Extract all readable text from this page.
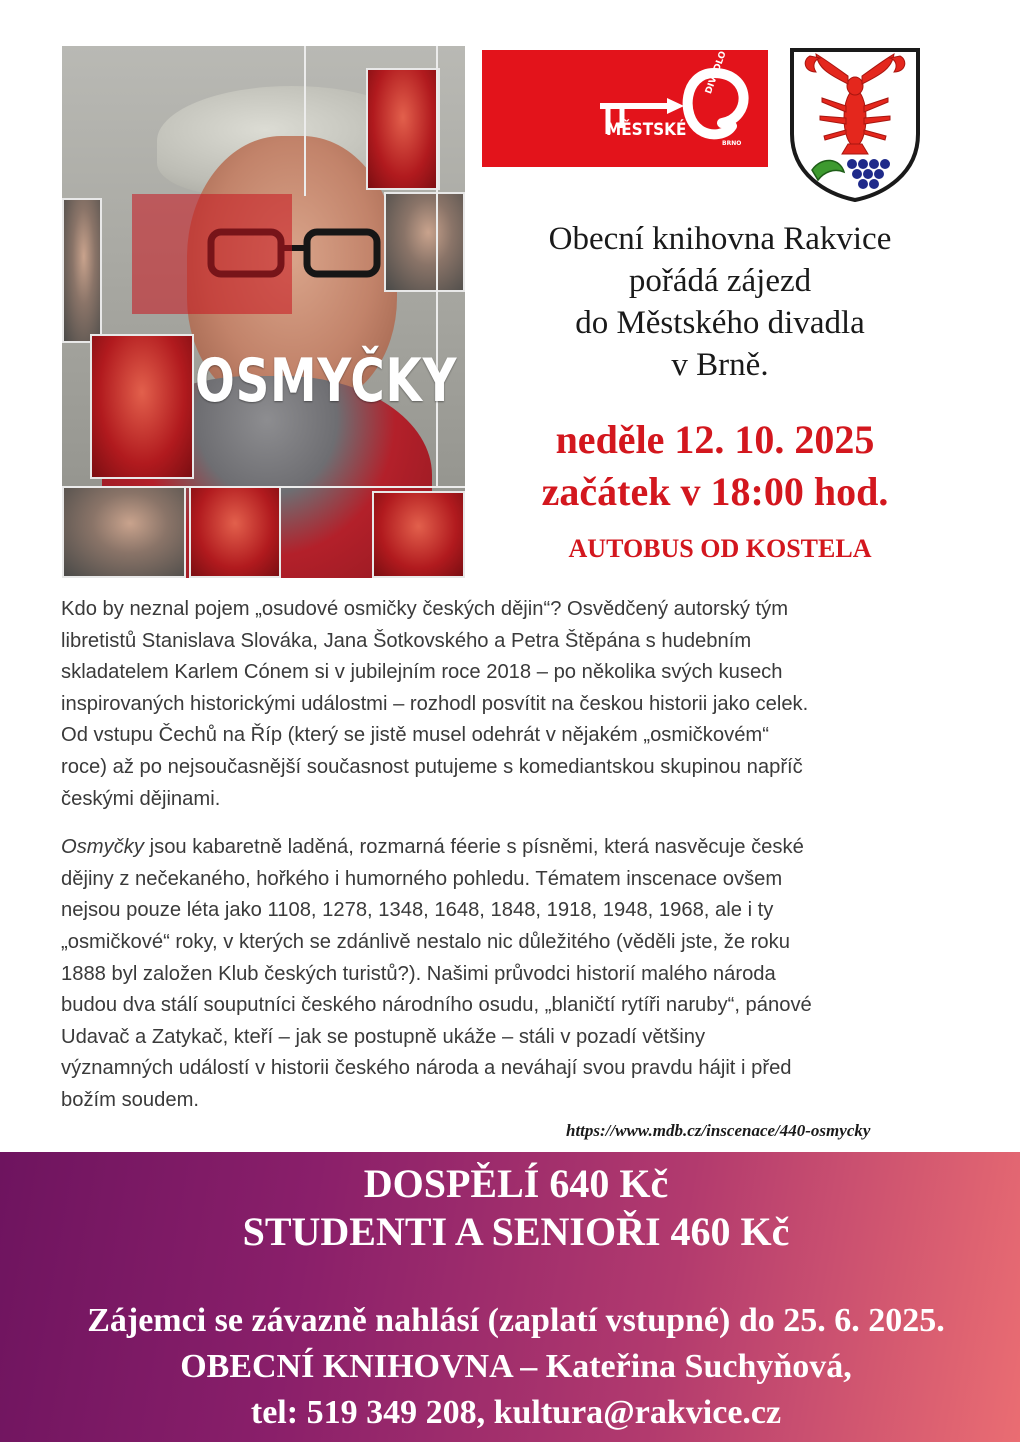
OSMYČKY
MĚSTSKÉ
DIVADLO
BRNO
Obecní knihovna Rakvice
pořádá zájezd
do Městského divadla
v Brně.
neděle 12. 10. 2025
začátek v 18:00 hod.
AUTOBUS OD KOSTELA

Kdo by neznal pojem „osudové osmičky českých dějin“? Osvědčený autorský tým
libretistů Stanislava Slováka, Jana Šotkovského a Petra Štěpána s hudebním
skladatelem Karlem Cónem si v jubilejním roce 2018 – po několika svých kusech
inspirovaných historickými událostmi – rozhodl posvítit na českou historii jako celek.
Od vstupu Čechů na Říp (který se jistě musel odehrát v nějakém „osmičkovém“
roce) až po nejsoučasnější současnost putujeme s komediantskou skupinou napříč
českými dějinami.

Osmyčky jsou kabaretně laděná, rozmarná féerie s písněmi, která nasvěcuje české
dějiny z nečekaného, hořkého i humorného pohledu. Tématem inscenace ovšem
nejsou pouze léta jako 1108, 1278, 1348, 1648, 1848, 1918, 1948, 1968, ale i ty
„osmičkové“ roky, v kterých se zdánlivě nestalo nic důležitého (věděli jste, že roku
1888 byl založen Klub českých turistů?). Našimi průvodci historií malého národa
budou dva stálí souputníci českého národního osudu, „blaničtí rytíři naruby“, pánové
Udavač a Zatykač, kteří – jak se postupně ukáže – stáli v pozadí většiny
významných událostí v historii českého národa a neváhají svou pravdu hájit i před
božím soudem.

https://www.mdb.cz/inscenace/440-osmycky
DOSPĚLÍ 640 Kč
STUDENTI A SENIOŘI 460 Kč
Zájemci se závazně nahlásí (zaplatí vstupné) do 25. 6. 2025.
OBECNÍ KNIHOVNA – Kateřina Suchyňová,
tel: 519 349 208, kultura@rakvice.cz
